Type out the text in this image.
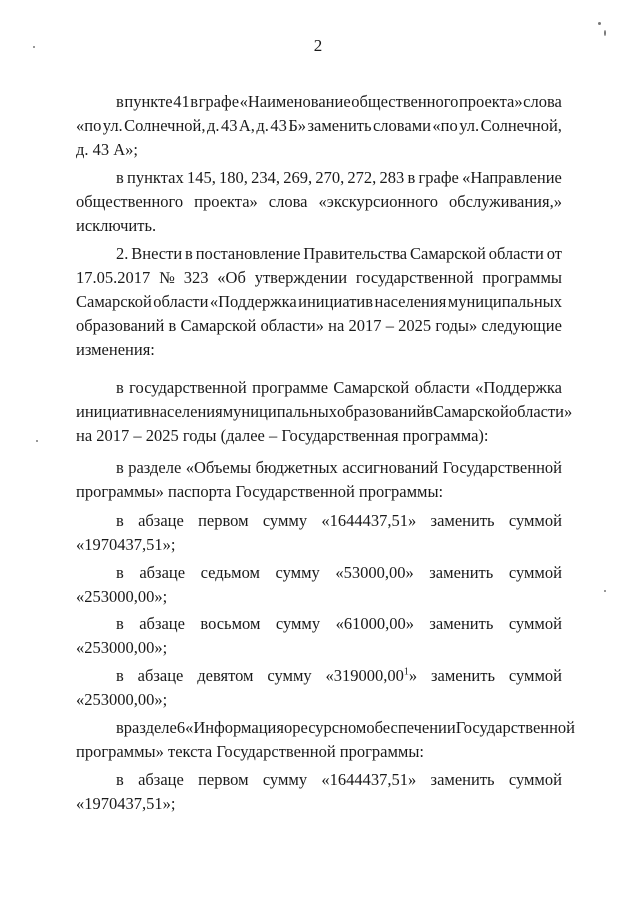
2
в пункте 41 в графе «Наименование общественного проекта» слова
«по ул. Солнечной, д. 43 А, д. 43 Б» заменить словами «по ул. Солнечной,
д. 43 А»;
в пунктах 145, 180, 234, 269, 270, 272, 283 в графе «Направление
общественного проекта» слова «экскурсионного обслуживания,»
исключить.
2. Внести в постановление Правительства Самарской области от
17.05.2017 № 323 «Об утверждении государственной программы
Самарской области «Поддержка инициатив населения муниципальных
образований в Самарской области» на 2017 – 2025 годы» следующие
изменения:
в государственной программе Самарской области «Поддержка
инициатив населения муниципальных образований в Самарской области»
на 2017 – 2025 годы (далее – Государственная программа):
в разделе «Объемы бюджетных ассигнований Государственной
программы» паспорта Государственной программы:
в абзаце первом сумму «1644437,51» заменить суммой
«1970437,51»;
в абзаце седьмом сумму «53000,00» заменить суммой
«253000,00»;
в абзаце восьмом сумму «61000,00» заменить суммой
«253000,00»;
в абзаце девятом сумму «319000,00$^1$» заменить суммой
«253000,00»;
в разделе 6 «Информация о ресурсном обеспечении Государственной
программы» текста Государственной программы:
в абзаце первом сумму «1644437,51» заменить суммой
«1970437,51»;
